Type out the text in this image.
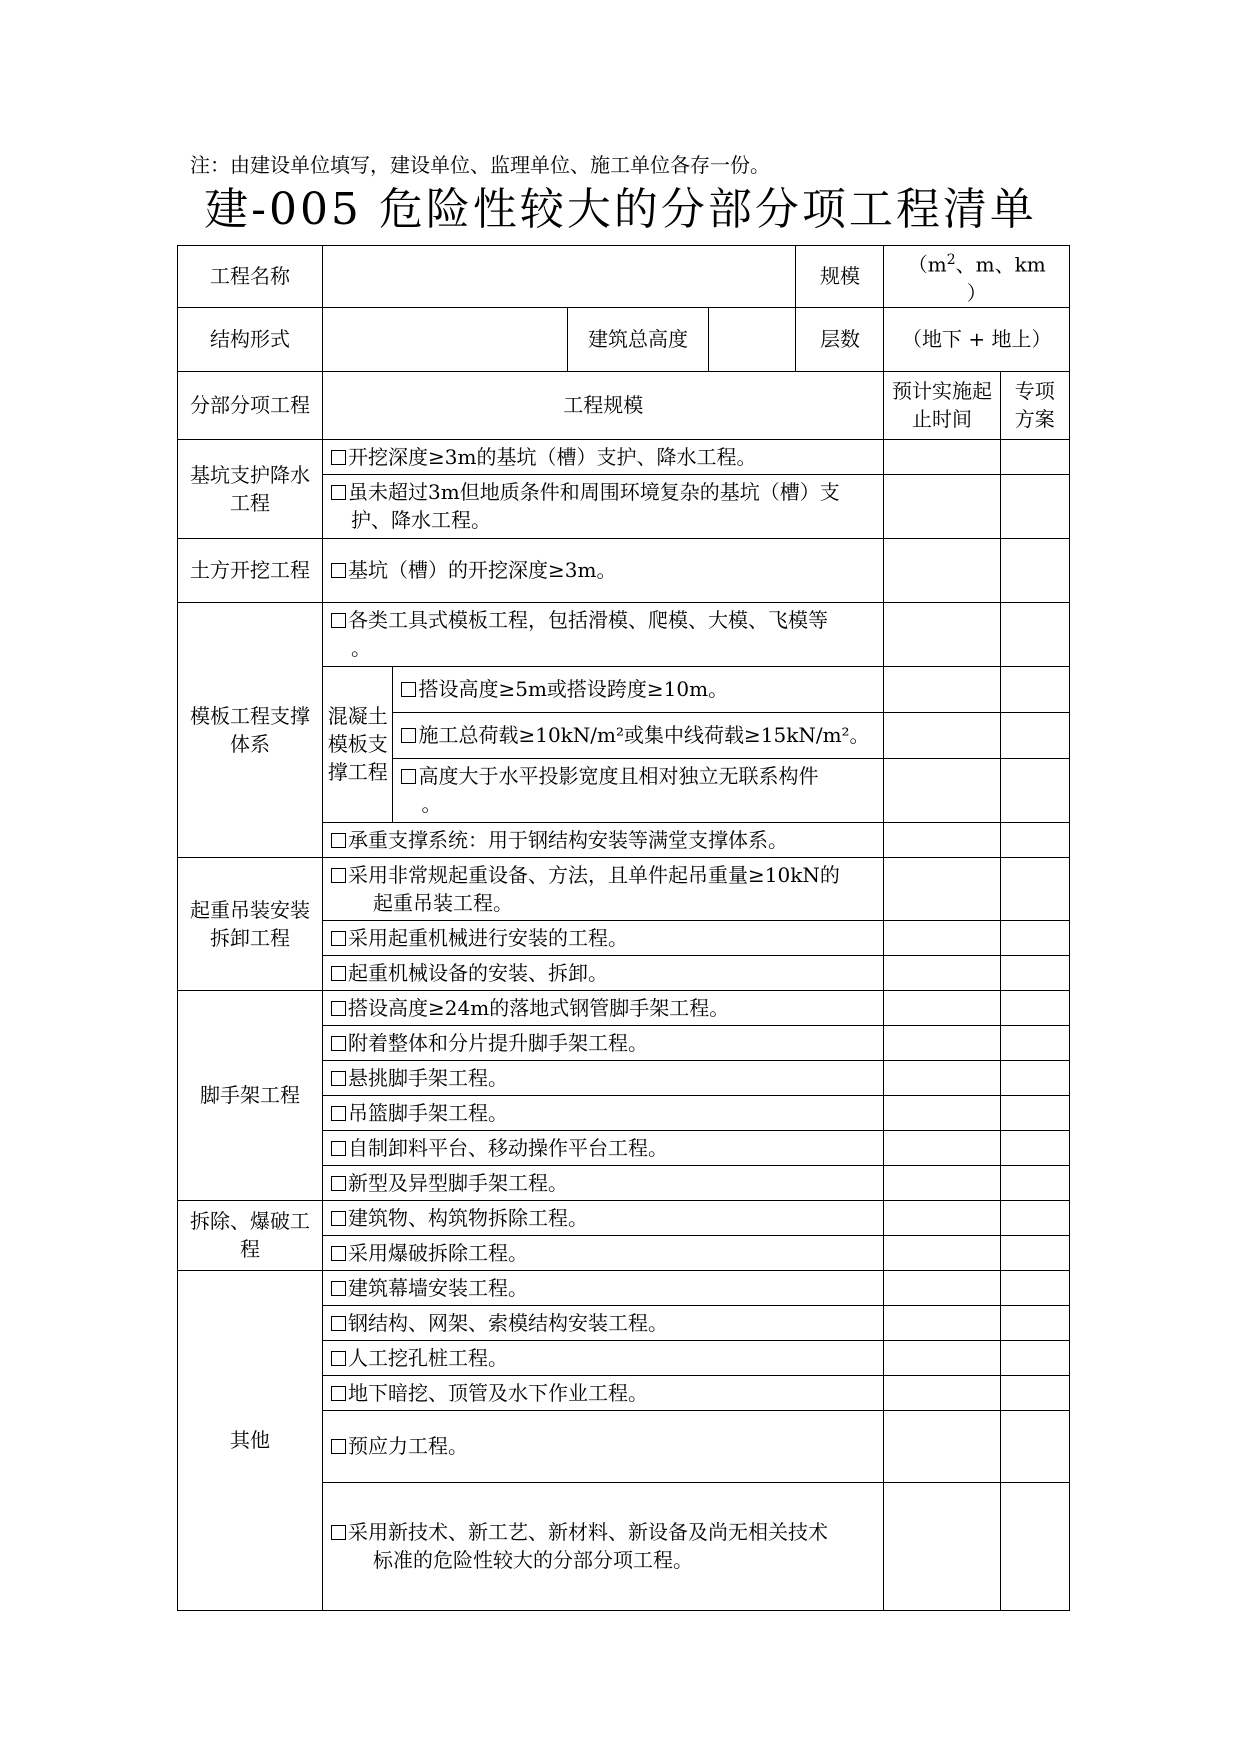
注：由建设单位填写，建设单位、监理单位、施工单位各存一份。
建-005 危险性较大的分部分项工程清单
工程名称					规模	（$m^2$、m、km
）	
结构形式			建筑总高度		层数	（地下 + 地上）	
分部分项工程	工程规模					预计实施起止时间	专项方案
基坑支护降水工程	开挖深度≥3m的基坑（槽）支护、降水工程。						
	虽未超过3m但地质条件和周围环境复杂的基坑（槽）支
护、降水工程。						

土方开挖工程	基坑（槽）的开挖深度≥3m。						
模板工程支撑体系	各类工具式模板工程，包括滑模、爬模、大模、飞模等
。						

	混凝土模板支撑工程	搭设高度≥5m或搭设跨度≥10m。					
		施工总荷载≥10kN/m²或集中线荷载≥15kN/m²。					
		高度大于水平投影宽度且相对独立无联系构件
。					

	承重支撑系统：用于钢结构安装等满堂支撑体系。						
起重吊装安装拆卸工程	采用非常规起重设备、方法，且单件起吊重量≥10kN的
起重吊装工程。						

	采用起重机械进行安装的工程。						
	起重机械设备的安装、拆卸。						
脚手架工程	搭设高度≥24m的落地式钢管脚手架工程。						
	附着整体和分片提升脚手架工程。						
	悬挑脚手架工程。						
	吊篮脚手架工程。						
	自制卸料平台、移动操作平台工程。						
	新型及异型脚手架工程。						
拆除、爆破工程	建筑物、构筑物拆除工程。						
	采用爆破拆除工程。						
其他	建筑幕墙安装工程。						
	钢结构、网架、索模结构安装工程。						
	人工挖孔桩工程。						
	地下暗挖、顶管及水下作业工程。						
	预应力工程。						
	采用新技术、新工艺、新材料、新设备及尚无相关技术
标准的危险性较大的分部分项工程。						
